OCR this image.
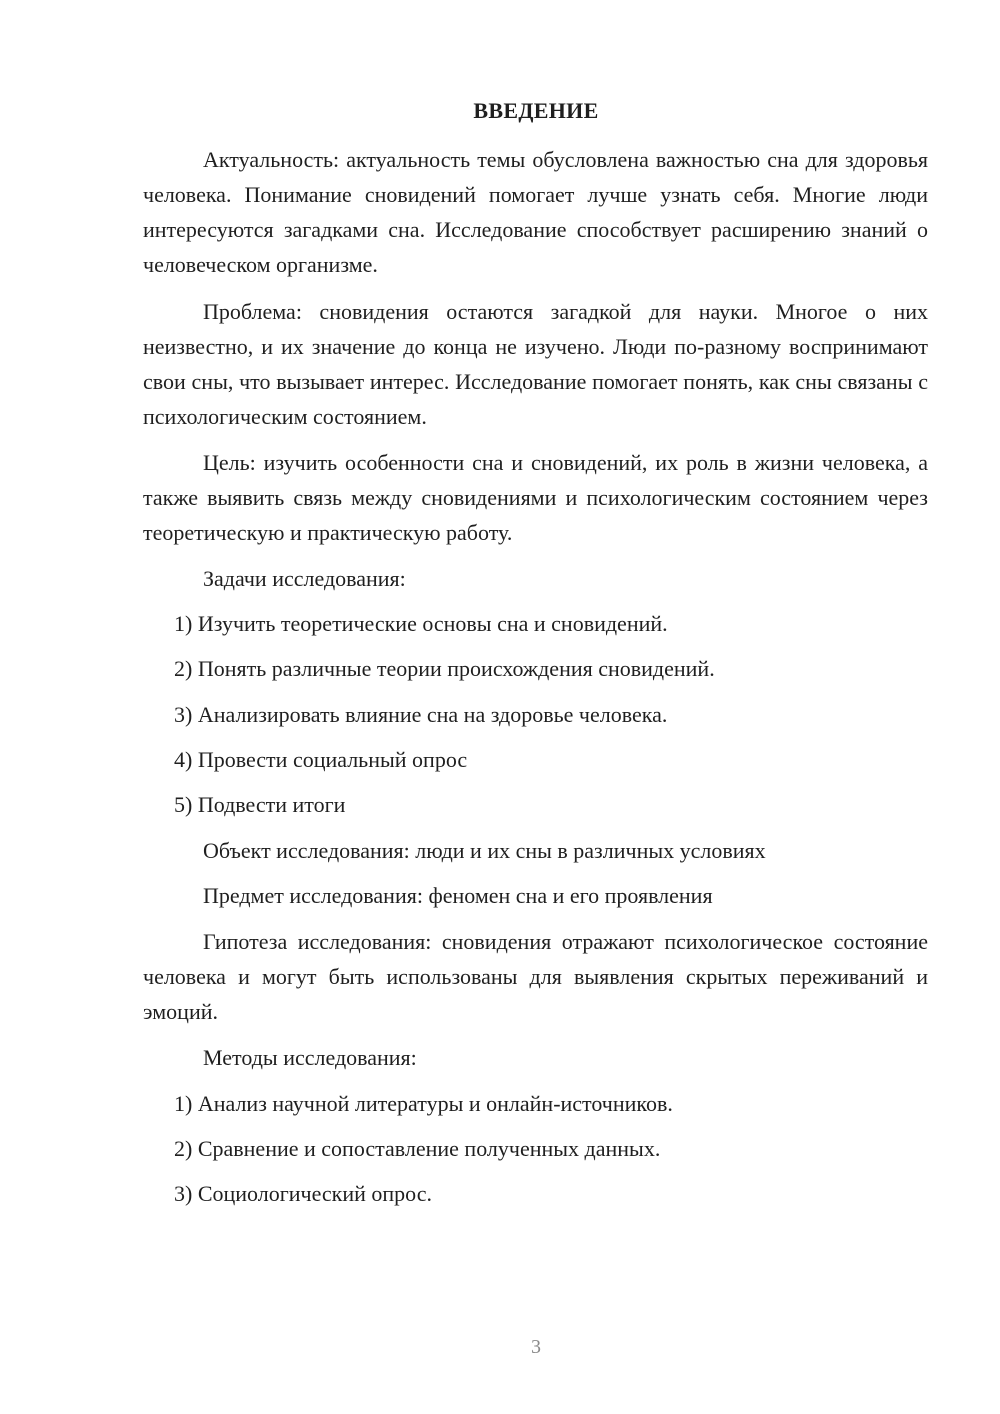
ВВЕДЕНИЕ

Актуальность: актуальность темы обусловлена важностью сна для здоровья человека. Понимание сновидений помогает лучше узнать себя. Многие люди интересуются загадками сна. Исследование способствует расширению знаний о человеческом организме.

Проблема: сновидения остаются загадкой для науки. Многое о них неизвестно, и их значение до конца не изучено. Люди по-разному воспринимают свои сны, что вызывает интерес. Исследование помогает понять, как сны связаны с психологическим состоянием.

Цель: изучить особенности сна и сновидений, их роль в жизни человека, а также выявить связь между сновидениями и психологическим состоянием через теоретическую и практическую работу.

Задачи исследования:

1) Изучить теоретические основы сна и сновидений.

2) Понять различные теории происхождения сновидений.

3) Анализировать влияние сна на здоровье человека.

4) Провести социальный опрос

5) Подвести итоги

Объект исследования: люди и их сны в различных условиях

Предмет исследования: феномен сна и его проявления

Гипотеза исследования: сновидения отражают психологическое состояние человека и могут быть использованы для выявления скрытых переживаний и эмоций.

Методы исследования:

1) Анализ научной литературы и онлайн-источников.

2) Сравнение и сопоставление полученных данных.

3) Социологический опрос.

3
